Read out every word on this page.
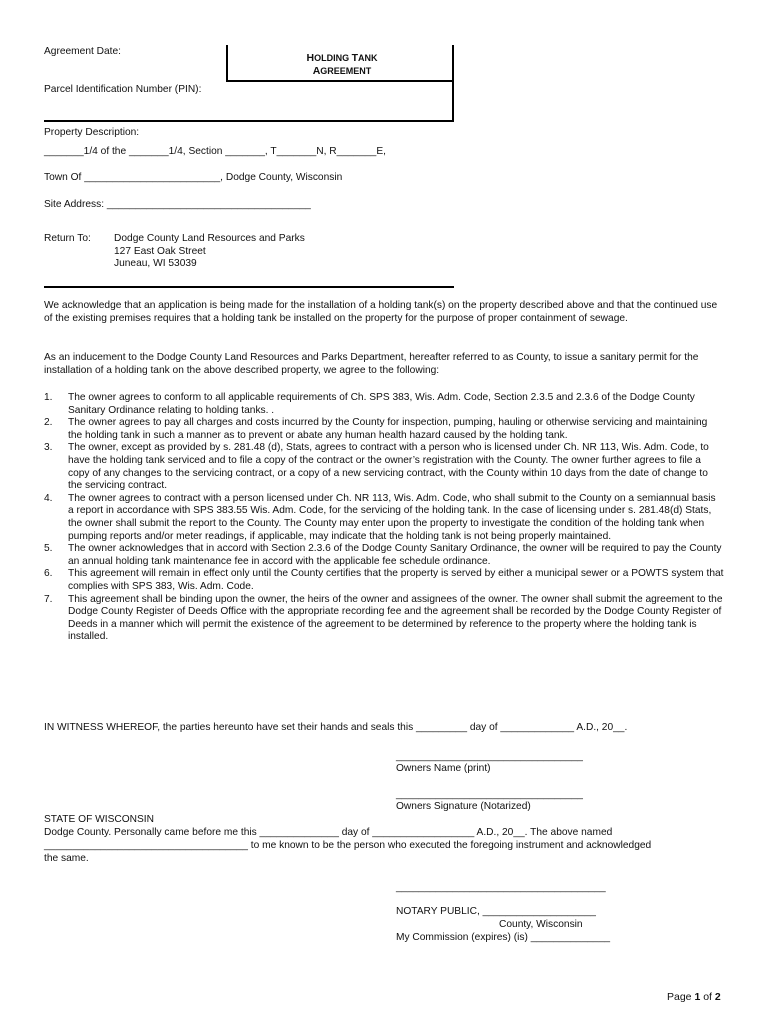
Agreement Date:
HOLDING TANK
AGREEMENT
Parcel Identification Number (PIN):
Property Description:
_______1/4 of the _______1/4, Section _______, T_______N, R_______E,
Town Of ________________________, Dodge County, Wisconsin
Site Address: ____________________________________
Return To: Dodge County Land Resources and Parks
127 East Oak Street
Juneau, WI 53039
We acknowledge that an application is being made for the installation of a holding tank(s) on the property described above and that the continued use of the existing premises requires that a holding tank be installed on the property for the purpose of proper containment of sewage.
As an inducement to the Dodge County Land Resources and Parks Department, hereafter referred to as County, to issue a sanitary permit for the installation of a holding tank on the above described property, we agree to the following:
1. The owner agrees to conform to all applicable requirements of Ch. SPS 383, Wis. Adm. Code, Section 2.3.5 and 2.3.6 of the Dodge County Sanitary Ordinance relating to holding tanks. .
2. The owner agrees to pay all charges and costs incurred by the County for inspection, pumping, hauling or otherwise servicing and maintaining the holding tank in such a manner as to prevent or abate any human health hazard caused by the holding tank.
3. The owner, except as provided by s. 281.48 (d), Stats, agrees to contract with a person who is licensed under Ch. NR 113, Wis. Adm. Code, to have the holding tank serviced and to file a copy of the contract or the owner’s registration with the County. The owner further agrees to file a copy of any changes to the servicing contract, or a copy of a new servicing contract, with the County within 10 days from the date of change to the servicing contract.
4. The owner agrees to contract with a person licensed under Ch. NR 113, Wis. Adm. Code, who shall submit to the County on a semiannual basis a report in accordance with SPS 383.55 Wis. Adm. Code, for the servicing of the holding tank. In the case of licensing under s. 281.48(d) Stats, the owner shall submit the report to the County. The County may enter upon the property to investigate the condition of the holding tank when pumping reports and/or meter readings, if applicable, may indicate that the holding tank is not being properly maintained.
5. The owner acknowledges that in accord with Section 2.3.6 of the Dodge County Sanitary Ordinance, the owner will be required to pay the County an annual holding tank maintenance fee in accord with the applicable fee schedule ordinance.
6. This agreement will remain in effect only until the County certifies that the property is served by either a municipal sewer or a POWTS system that complies with SPS 383, Wis. Adm. Code.
7. This agreement shall be binding upon the owner, the heirs of the owner and assignees of the owner. The owner shall submit the agreement to the Dodge County Register of Deeds Office with the appropriate recording fee and the agreement shall be recorded by the Dodge County Register of Deeds in a manner which will permit the existence of the agreement to be determined by reference to the property where the holding tank is installed.
IN WITNESS WHEREOF, the parties hereunto have set their hands and seals this _________ day of _____________ A.D., 20__.
_________________________________
Owners Name (print)
_________________________________
Owners Signature (Notarized)
STATE OF WISCONSIN
Dodge County. Personally came before me this ______________ day of __________________ A.D., 20__. The above named
____________________________________ to me known to be the person who executed the foregoing instrument and acknowledged
the same.
_____________________________________
NOTARY PUBLIC, ____________________
County, Wisconsin
My Commission (expires) (is) ______________
Page 1 of 2
